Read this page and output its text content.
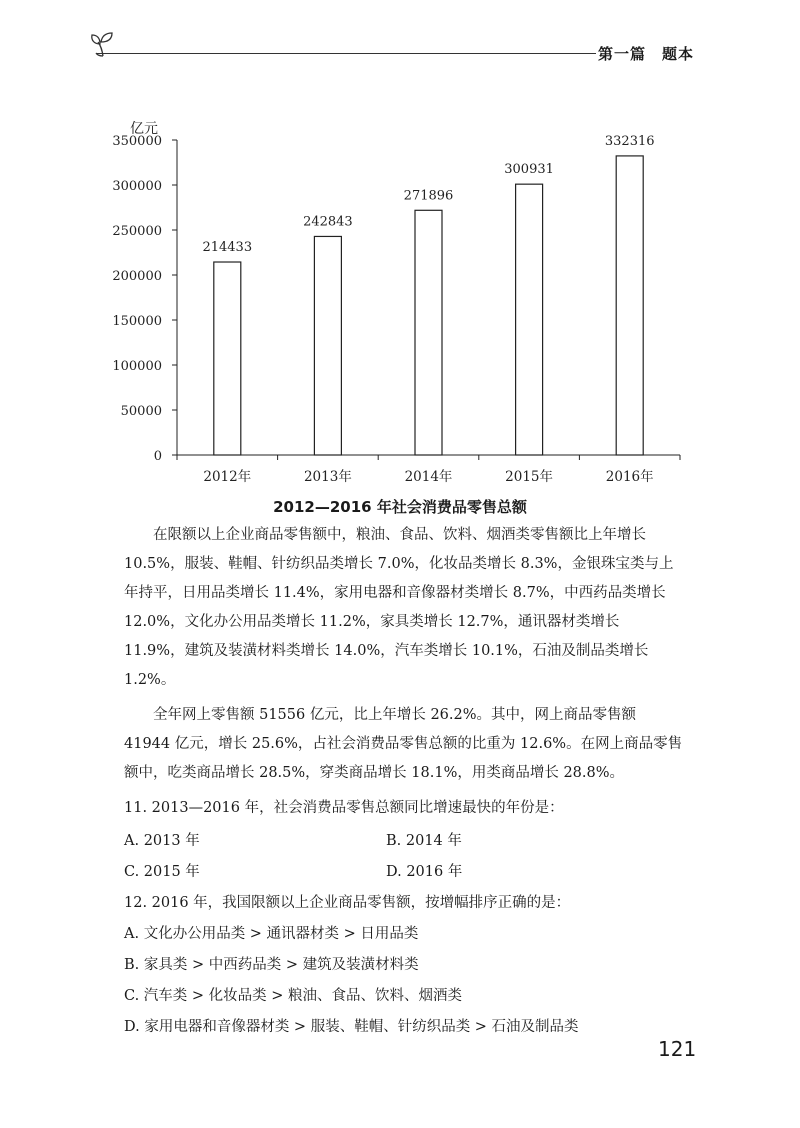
第一篇　题本
亿元
0
50000
100000
150000
200000
250000
300000
350000
214433
2012年
242843
2013年
271896
2014年
300931
2015年
332316
2016年
2012—2016 年社会消费品零售总额

在限额以上企业商品零售额中，粮油、食品、饮料、烟酒类零售额比上年增长10.5%，服装、鞋帽、针纺织品类增长 7.0%，化妆品类增长 8.3%，金银珠宝类与上年持平，日用品类增长 11.4%，家用电器和音像器材类增长 8.7%，中西药品类增长 12.0%，文化办公用品类增长 11.2%，家具类增长 12.7%，通讯器材类增长 11.9%，建筑及装潢材料类增长 14.0%，汽车类增长 10.1%，石油及制品类增长 1.2%。

全年网上零售额 51556 亿元，比上年增长 26.2%。其中，网上商品零售额 41944 亿元，增长 25.6%，占社会消费品零售总额的比重为 12.6%。在网上商品零售额中，吃类商品增长 28.5%，穿类商品增长 18.1%，用类商品增长 28.8%。

11. 2013—2016 年，社会消费品零售总额同比增速最快的年份是：

A. 2013 年	B. 2014 年
C. 2015 年	D. 2016 年

12. 2016 年，我国限额以上企业商品零售额，按增幅排序正确的是：

A. 文化办公用品类 > 通讯器材类 > 日用品类

B. 家具类 > 中西药品类 > 建筑及装潢材料类

C. 汽车类 > 化妆品类 > 粮油、食品、饮料、烟酒类

D. 家用电器和音像器材类 > 服装、鞋帽、针纺织品类 > 石油及制品类

121
